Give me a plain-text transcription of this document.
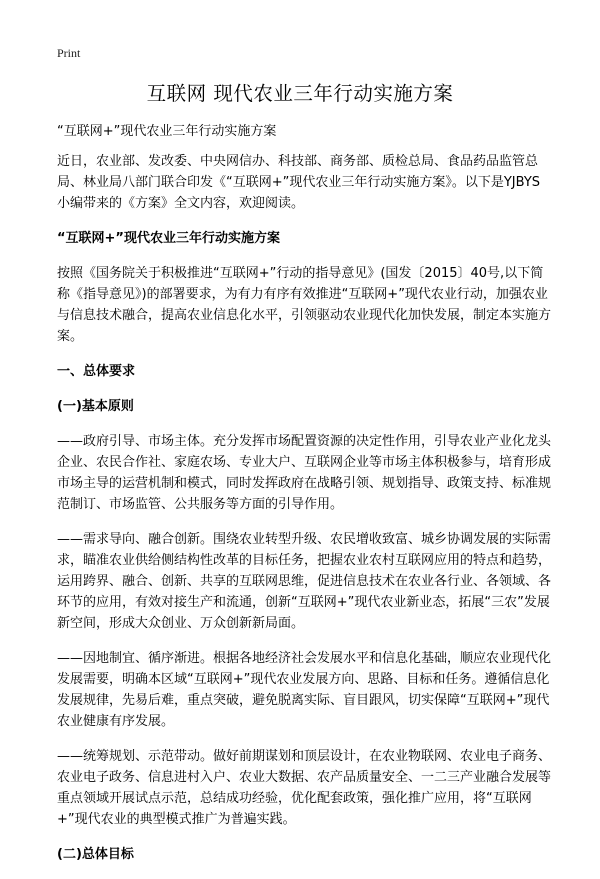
Print
互联网 现代农业三年行动实施方案

“互联网+”现代农业三年行动实施方案

近日，农业部、发改委、中央网信办、科技部、商务部、质检总局、食品药品监管总局、林业局八部门联合印发《“互联网+”现代农业三年行动实施方案》。以下是YJBYS小编带来的《方案》全文内容，欢迎阅读。

“互联网+”现代农业三年行动实施方案

按照《国务院关于积极推进“互联网+”行动的指导意见》(国发〔2015〕40号,以下简称《指导意见》)的部署要求，为有力有序有效推进“互联网+”现代农业行动，加强农业与信息技术融合，提高农业信息化水平，引领驱动农业现代化加快发展，制定本实施方案。

一、总体要求

(一)基本原则

——政府引导、市场主体。充分发挥市场配置资源的决定性作用，引导农业产业化龙头企业、农民合作社、家庭农场、专业大户、互联网企业等市场主体积极参与，培育形成市场主导的运营机制和模式，同时发挥政府在战略引领、规划指导、政策支持、标准规范制订、市场监管、公共服务等方面的引导作用。

——需求导向、融合创新。围绕农业转型升级、农民增收致富、城乡协调发展的实际需求，瞄准农业供给侧结构性改革的目标任务，把握农业农村互联网应用的特点和趋势，运用跨界、融合、创新、共享的互联网思维，促进信息技术在农业各行业、各领域、各环节的应用，有效对接生产和流通，创新“互联网+”现代农业新业态，拓展“三农”发展新空间，形成大众创业、万众创新新局面。

——因地制宜、循序渐进。根据各地经济社会发展水平和信息化基础，顺应农业现代化发展需要，明确本区域“互联网+”现代农业发展方向、思路、目标和任务。遵循信息化发展规律，先易后难，重点突破，避免脱离实际、盲目跟风，切实保障“互联网+”现代农业健康有序发展。

——统筹规划、示范带动。做好前期谋划和顶层设计，在农业物联网、农业电子商务、农业电子政务、信息进村入户、农业大数据、农产品质量安全、一二三产业融合发展等重点领域开展试点示范，总结成功经验，优化配套政策，强化推广应用，将“互联网+”现代农业的典型模式推广为普遍实践。

(二)总体目标
